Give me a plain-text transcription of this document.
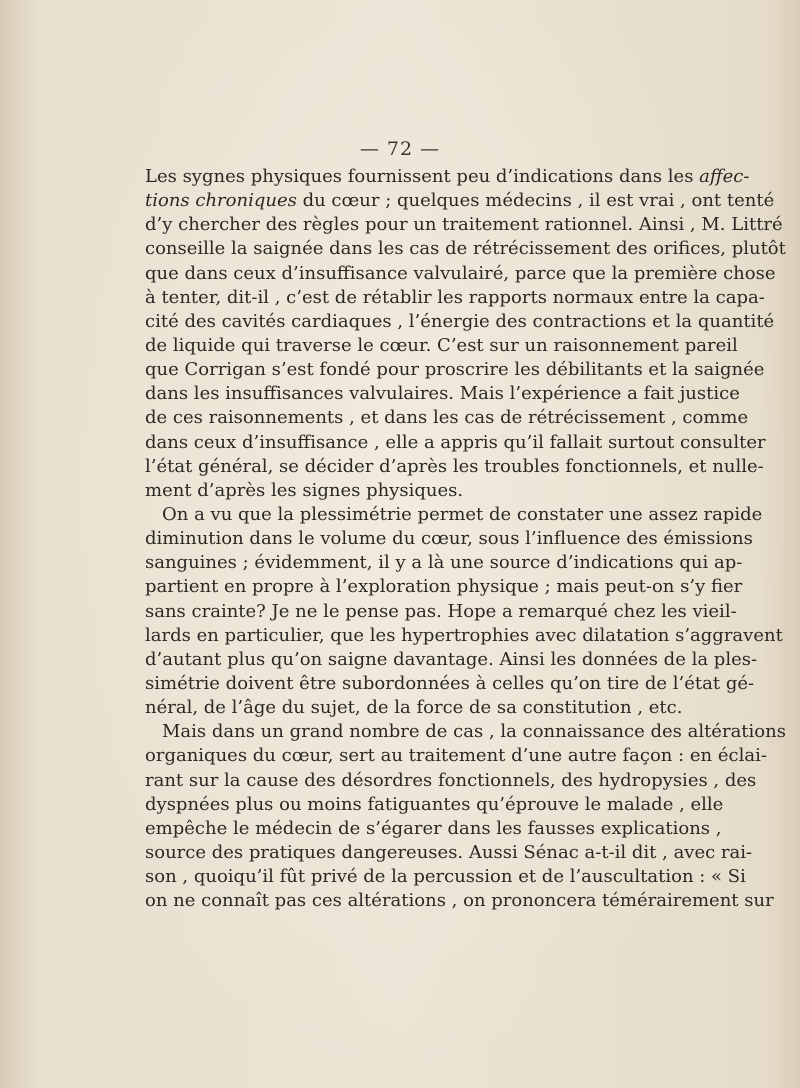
— 72 —
Les sygnes physiques fournissent peu d’indications dans les affec-
tions chroniques du cœur ; quelques médecins , il est vrai , ont tenté
d’y chercher des règles pour un traitement rationnel. Ainsi , M. Littré
conseille la saignée dans les cas de rétrécissement des orifices, plutôt
que dans ceux d’insuffisance valvulairé, parce que la première chose
à tenter, dit-il , c’est de rétablir les rapports normaux entre la capa-
cité des cavités cardiaques , l’énergie des contractions et la quantité
de liquide qui traverse le cœur. C’est sur un raisonnement pareil
que Corrigan s’est fondé pour proscrire les débilitants et la saignée
dans les insuffisances valvulaires. Mais l’expérience a fait justice
de ces raisonnements , et dans les cas de rétrécissement , comme
dans ceux d’insuffisance , elle a appris qu’il fallait surtout consulter
l’état général, se décider d’après les troubles fonctionnels, et nulle-
ment d’après les signes physiques.
On a vu que la plessimétrie permet de constater une assez rapide
diminution dans le volume du cœur, sous l’influence des émissions
sanguines ; évidemment, il y a là une source d’indications qui ap-
partient en propre à l’exploration physique ; mais peut-on s’y fier
sans crainte? Je ne le pense pas. Hope a remarqué chez les vieil-
lards en particulier, que les hypertrophies avec dilatation s’aggravent
d’autant plus qu’on saigne davantage. Ainsi les données de la ples-
simétrie doivent être subordonnées à celles qu’on tire de l’état gé-
néral, de l’âge du sujet, de la force de sa constitution , etc.
Mais dans un grand nombre de cas , la connaissance des altérations
organiques du cœur, sert au traitement d’une autre façon : en éclai-
rant sur la cause des désordres fonctionnels, des hydropysies , des
dyspnées plus ou moins fatiguantes qu’éprouve le malade , elle
empêche le médecin de s’égarer dans les fausses explications ,
source des pratiques dangereuses. Aussi Sénac a-t-il dit , avec rai-
son , quoiqu’il fût privé de la percussion et de l’auscultation : « Si
on ne connaît pas ces altérations , on prononcera téméraireme﻿nt sur
